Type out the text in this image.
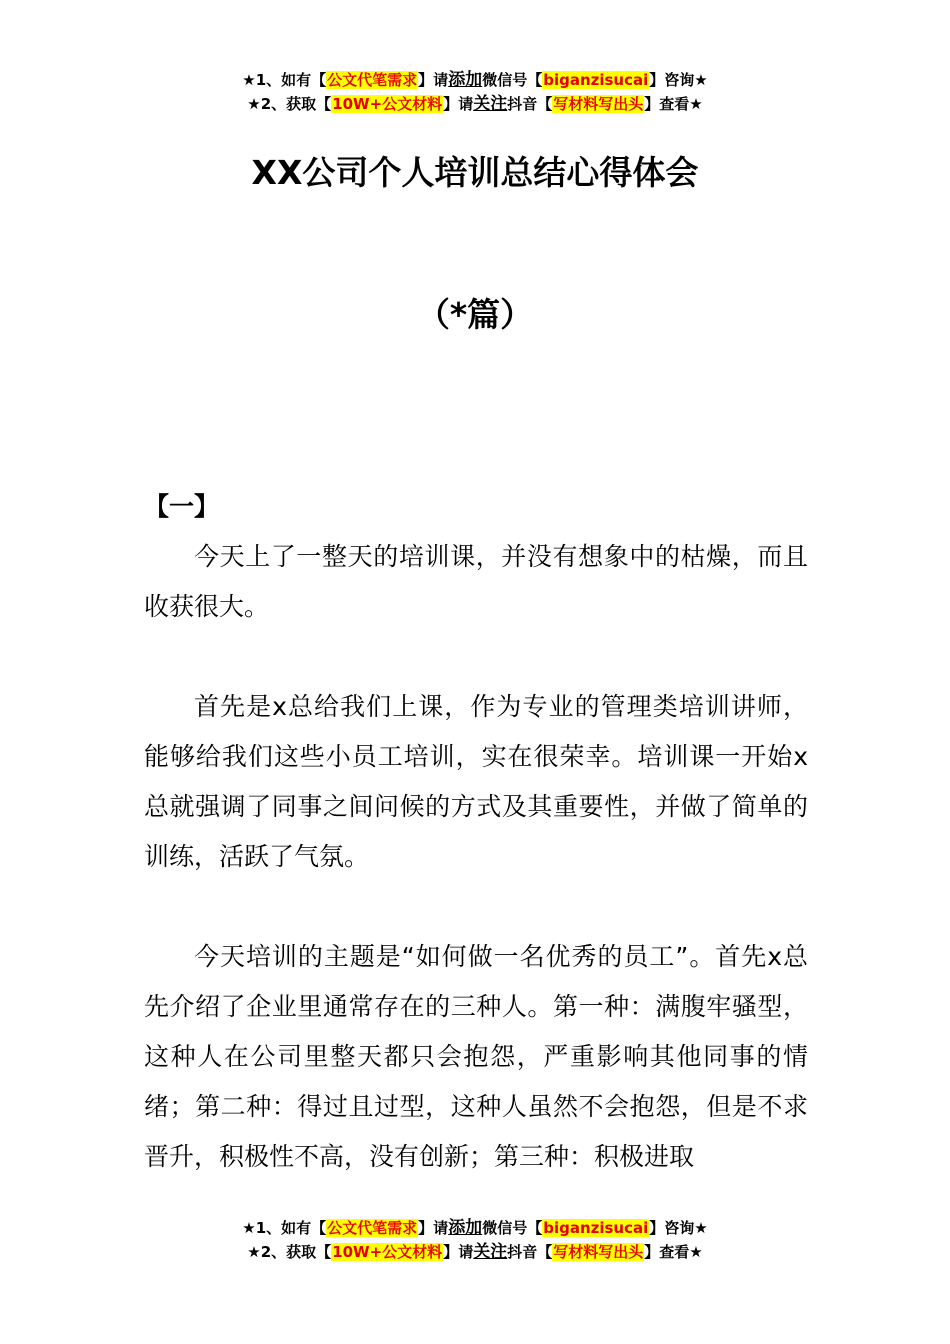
★1、如有【公文代笔需求】请添加微信号【biganzisucai】咨询★
★2、获取【10W+公文材料】请关注抖音【写材料写出头】查看★
XX公司个人培训总结心得体会
（*篇）

【一】

今天上了一整天的培训课，并没有想象中的枯燥，而且收获很大。

首先是x总给我们上课，作为专业的管理类培训讲师，能够给我们这些小员工培训，实在很荣幸。培训课一开始x总就强调了同事之间问候的方式及其重要性，并做了简单的训练，活跃了气氛。

今天培训的主题是“如何做一名优秀的员工”。首先x总先介绍了企业里通常存在的三种人。第一种：满腹牢骚型，这种人在公司里整天都只会抱怨，严重影响其他同事的情绪；第二种：得过且过型，这种人虽然不会抱怨，但是不求晋升，积极性不高，没有创新；第三种：积极进取

★1、如有【公文代笔需求】请添加微信号【biganzisucai】咨询★
★2、获取【10W+公文材料】请关注抖音【写材料写出头】查看★
